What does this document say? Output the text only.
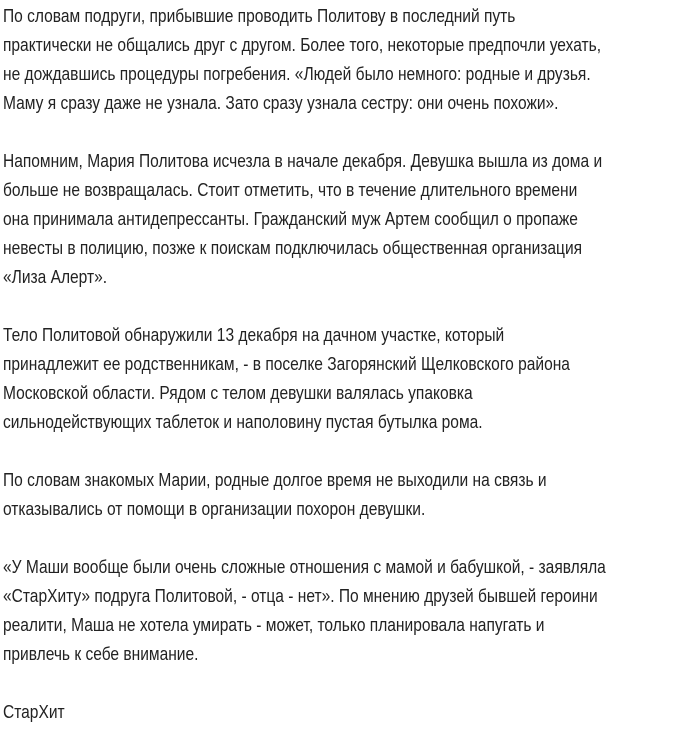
По словам подруги, прибывшие проводить Политову в последний путь
практически не общались друг с другом. Более того, некоторые предпочли уехать,
не дождавшись процедуры погребения. «Людей было немного: родные и друзья.
Маму я сразу даже не узнала. Зато сразу узнала сестру: они очень похожи».

Напомним, Мария Политова исчезла в начале декабря. Девушка вышла из дома и
больше не возвращалась. Стоит отметить, что в течение длительного времени
она принимала антидепрессанты. Гражданский муж Артем сообщил о пропаже
невесты в полицию, позже к поискам подключилась общественная организация
«Лиза Алерт».

Тело Политовой обнаружили 13 декабря на дачном участке, который
принадлежит ее родственникам, - в поселке Загорянский Щелковского района
Московской области. Рядом с телом девушки валялась упаковка
сильнодействующих таблеток и наполовину пустая бутылка рома.

По словам знакомых Марии, родные долгое время не выходили на связь и
отказывались от помощи в организации похорон девушки.

«У Маши вообще были очень сложные отношения с мамой и бабушкой, - заявляла
«СтарХиту» подруга Политовой, - отца - нет». По мнению друзей бывшей героини
реалити, Маша не хотела умирать - может, только планировала напугать и
привлечь к себе внимание.

СтарХит
